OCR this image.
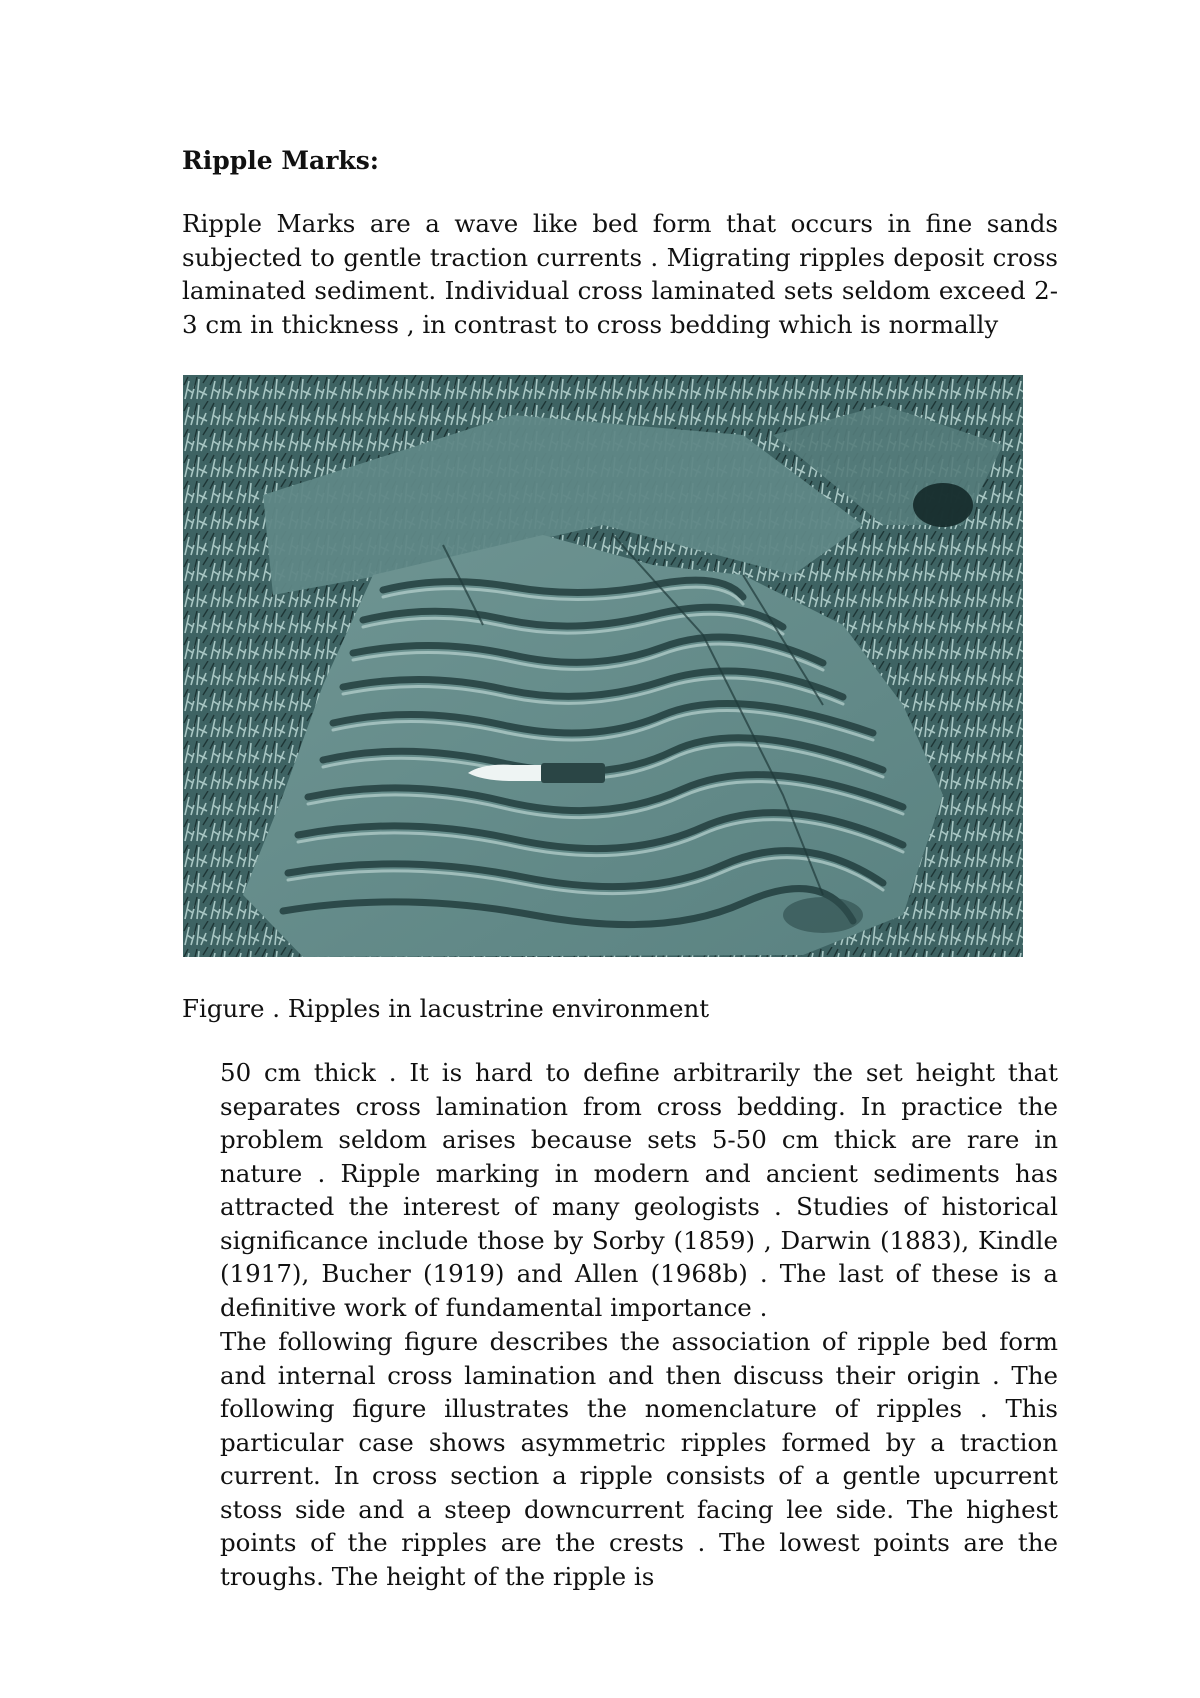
Ripple Marks:

Ripple Marks are a wave like bed form that occurs in fine sands subjected to gentle traction currents . Migrating ripples deposit cross laminated sediment. Individual cross laminated sets seldom exceed 2-3 cm in thickness , in contrast to cross bedding which is normally

Figure . Ripples in lacustrine environment

50 cm thick . It is hard to define arbitrarily the set height that separates cross lamination from cross bedding. In practice the problem seldom arises because sets 5-50 cm thick are rare in nature . Ripple marking in modern and ancient sediments has attracted the interest of many geologists . Studies of historical significance include those by Sorby (1859) , Darwin (1883), Kindle (1917), Bucher (1919) and Allen (1968b) . The last of these is a definitive work of fundamental importance .

The following figure describes the association of ripple bed form and internal cross lamination and then discuss their origin . The following figure illustrates the nomenclature of ripples . This particular case shows asymmetric ripples formed by a traction current. In cross section a ripple consists of a gentle upcurrent stoss side and a steep downcurrent facing lee side. The highest points of the ripples are the crests . The lowest points are the troughs. The height of the ripple is
